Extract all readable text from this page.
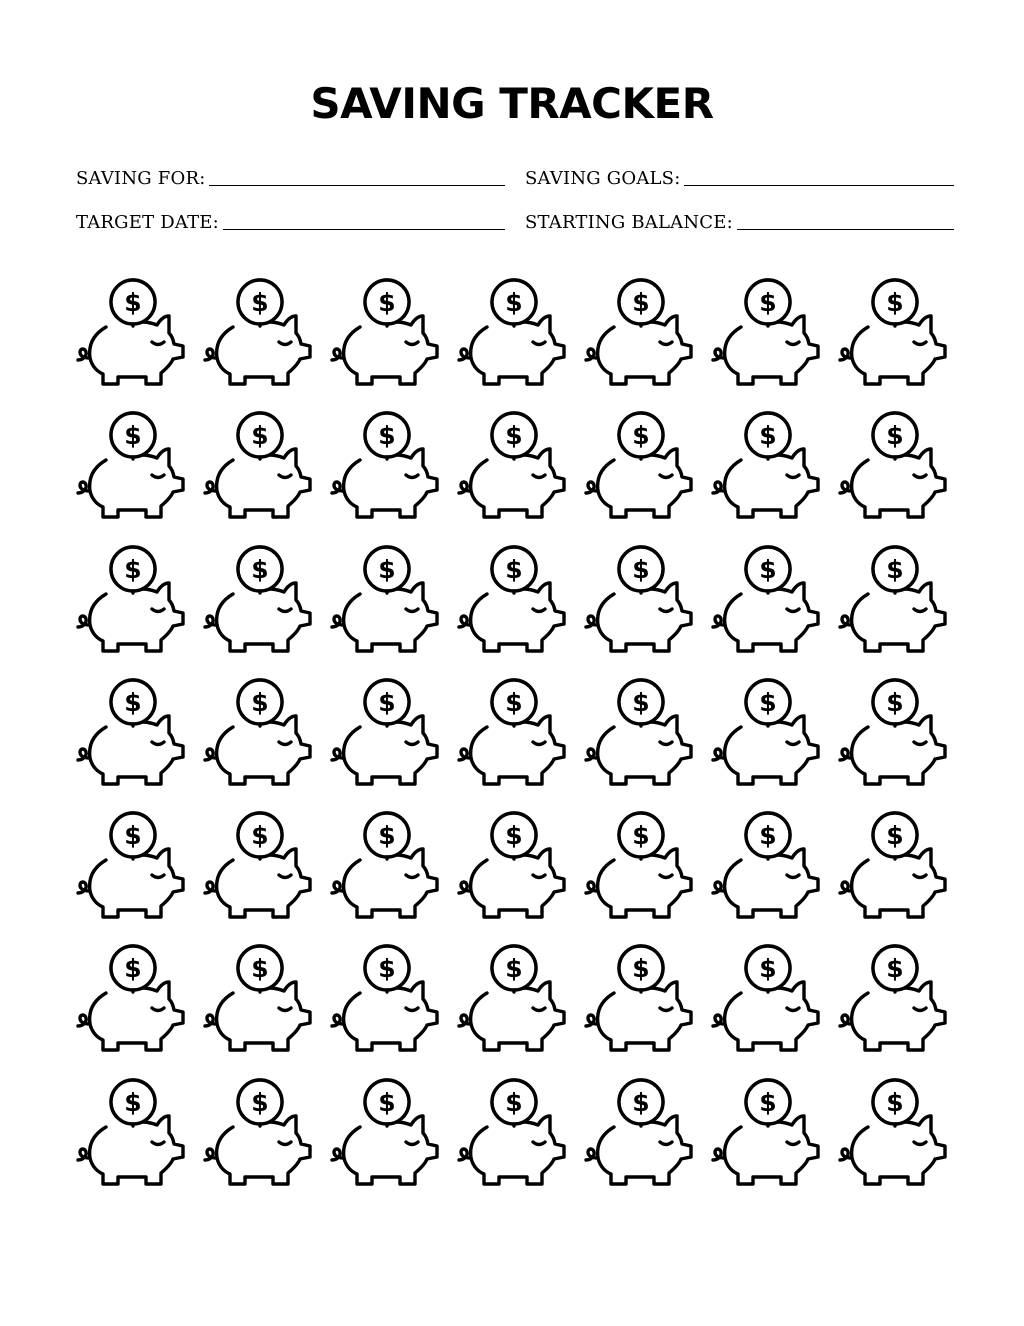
SAVING TRACKER
SAVING FOR:	SAVING GOALS:
TARGET DATE:	STARTING BALANCE:
$	$	$	$	$	$	$
$	$	$	$	$	$	$
$	$	$	$	$	$	$
$	$	$	$	$	$	$
$	$	$	$	$	$	$
$	$	$	$	$	$	$
$	$	$	$	$	$	$
